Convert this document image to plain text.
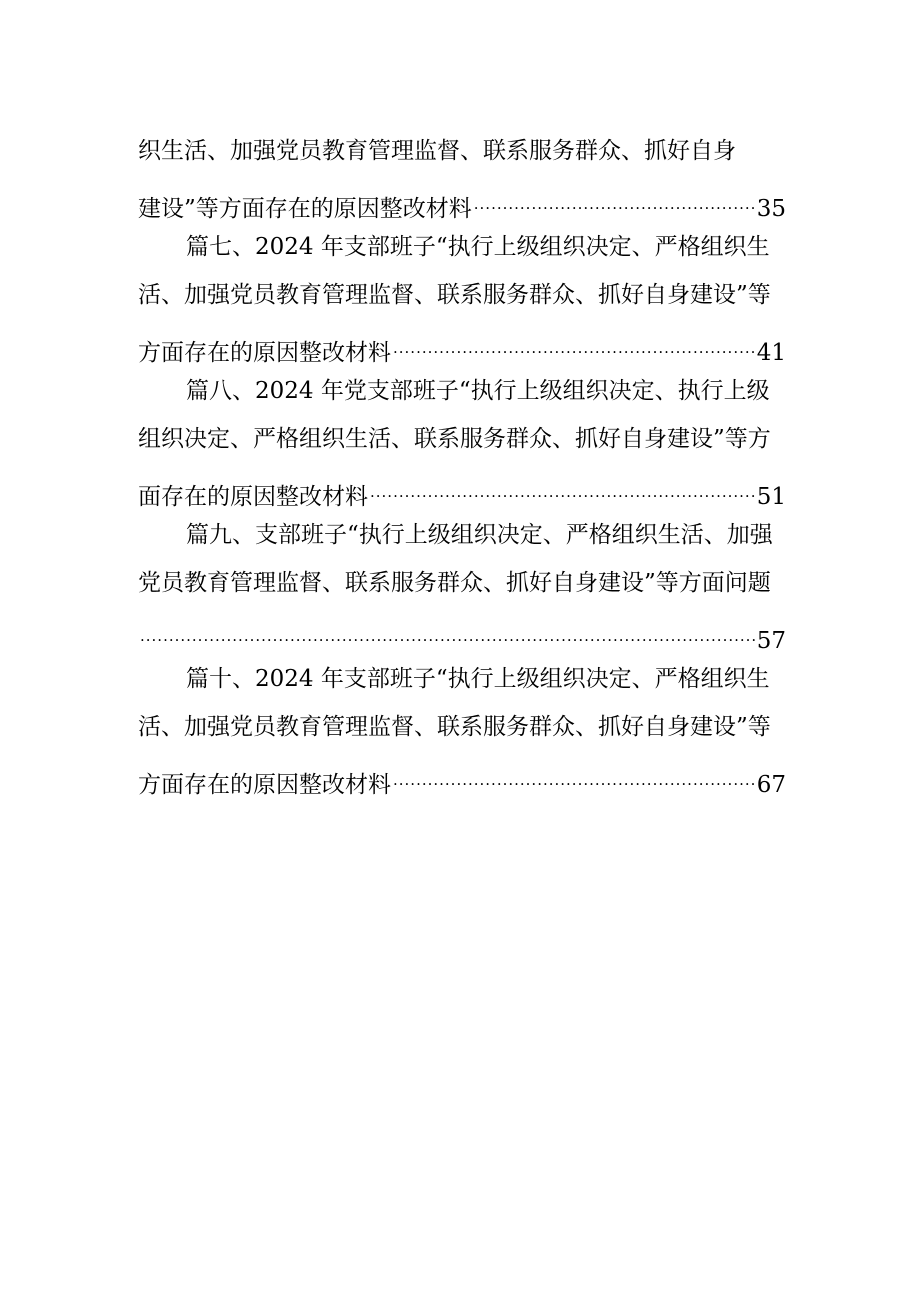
织生活、加强党员教育管理监督、联系服务群众、抓好自身
建设”等方面存在的原因整改材料 .....	35
篇七、2024 年支部班子“执行上级组织决定、严格组织生
活、加强党员教育管理监督、联系服务群众、抓好自身建设”等
方面存在的原因整改材料 .....	41
篇八、2024 年党支部班子“执行上级组织决定、执行上级
组织决定、严格组织生活、联系服务群众、抓好自身建设”等方
面存在的原因整改材料 .....	51
篇九、支部班子“执行上级组织决定、严格组织生活、加强
党员教育管理监督、联系服务群众、抓好自身建设”等方面问题
.....
57
篇十、2024 年支部班子“执行上级组织决定、严格组织生
活、加强党员教育管理监督、联系服务群众、抓好自身建设”等
方面存在的原因整改材料 .....	67
